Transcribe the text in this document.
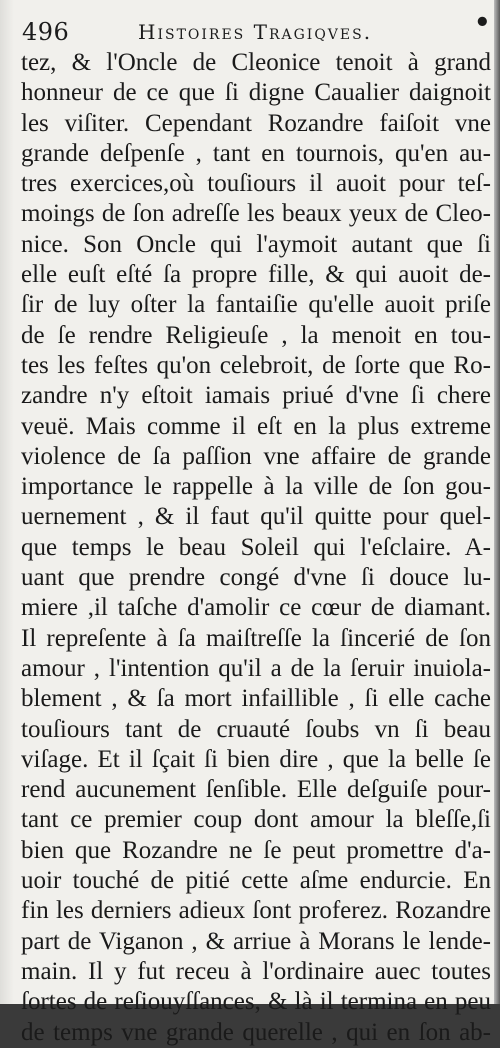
496	Histoires Tragiqves.	•
tez, & l'Oncle de Cleonice tenoit à grand
honneur de ce que ſi digne Caualier daignoit
les viſiter. Cependant Rozandre faiſoit vne
grande deſpenſe , tant en tournois, qu'en au-
tres exercices,où touſiours il auoit pour teſ-
moings de ſon adreſſe les beaux yeux de Cleo-
nice. Son Oncle qui l'aymoit autant que ſi
elle euſt eſté ſa propre fille, & qui auoit de-
ſir de luy oſter la fantaiſie qu'elle auoit priſe
de ſe rendre Religieuſe , la menoit en tou-
tes les feſtes qu'on celebroit, de ſorte que Ro-
zandre n'y eſtoit iamais priué d'vne ſi chere
veuë. Mais comme il eſt en la plus extreme
violence de ſa paſſion vne affaire de grande
importance le rappelle à la ville de ſon gou-
uernement , & il faut qu'il quitte pour quel-
que temps le beau Soleil qui l'eſclaire. A-
uant que prendre congé d'vne ſi douce lu-
miere ,il taſche d'amolir ce cœur de diamant.
Il repreſente à ſa maiſtreſſe la ſincerié de ſon
amour , l'intention qu'il a de la ſeruir inuiola-
blement , & ſa mort infaillible , ſi elle cache
touſiours tant de cruauté ſoubs vn ſi beau
viſage. Et il ſçait ſi bien dire , que la belle ſe
rend aucunement ſenſible. Elle deſguiſe pour-
tant ce premier coup dont amour la bleſſe,ſi
bien que Rozandre ne ſe peut promettre d'a-
uoir touché de pitié cette aſme endurcie. En
fin les derniers adieux ſont proferez. Rozandre
part de Viganon , & arriue à Morans le lende-
main. Il y fut receu à l'ordinaire auec toutes
ſortes de reſiouyſſances, & là il termina en peu
de temps vne grande querelle , qui en ſon ab-
